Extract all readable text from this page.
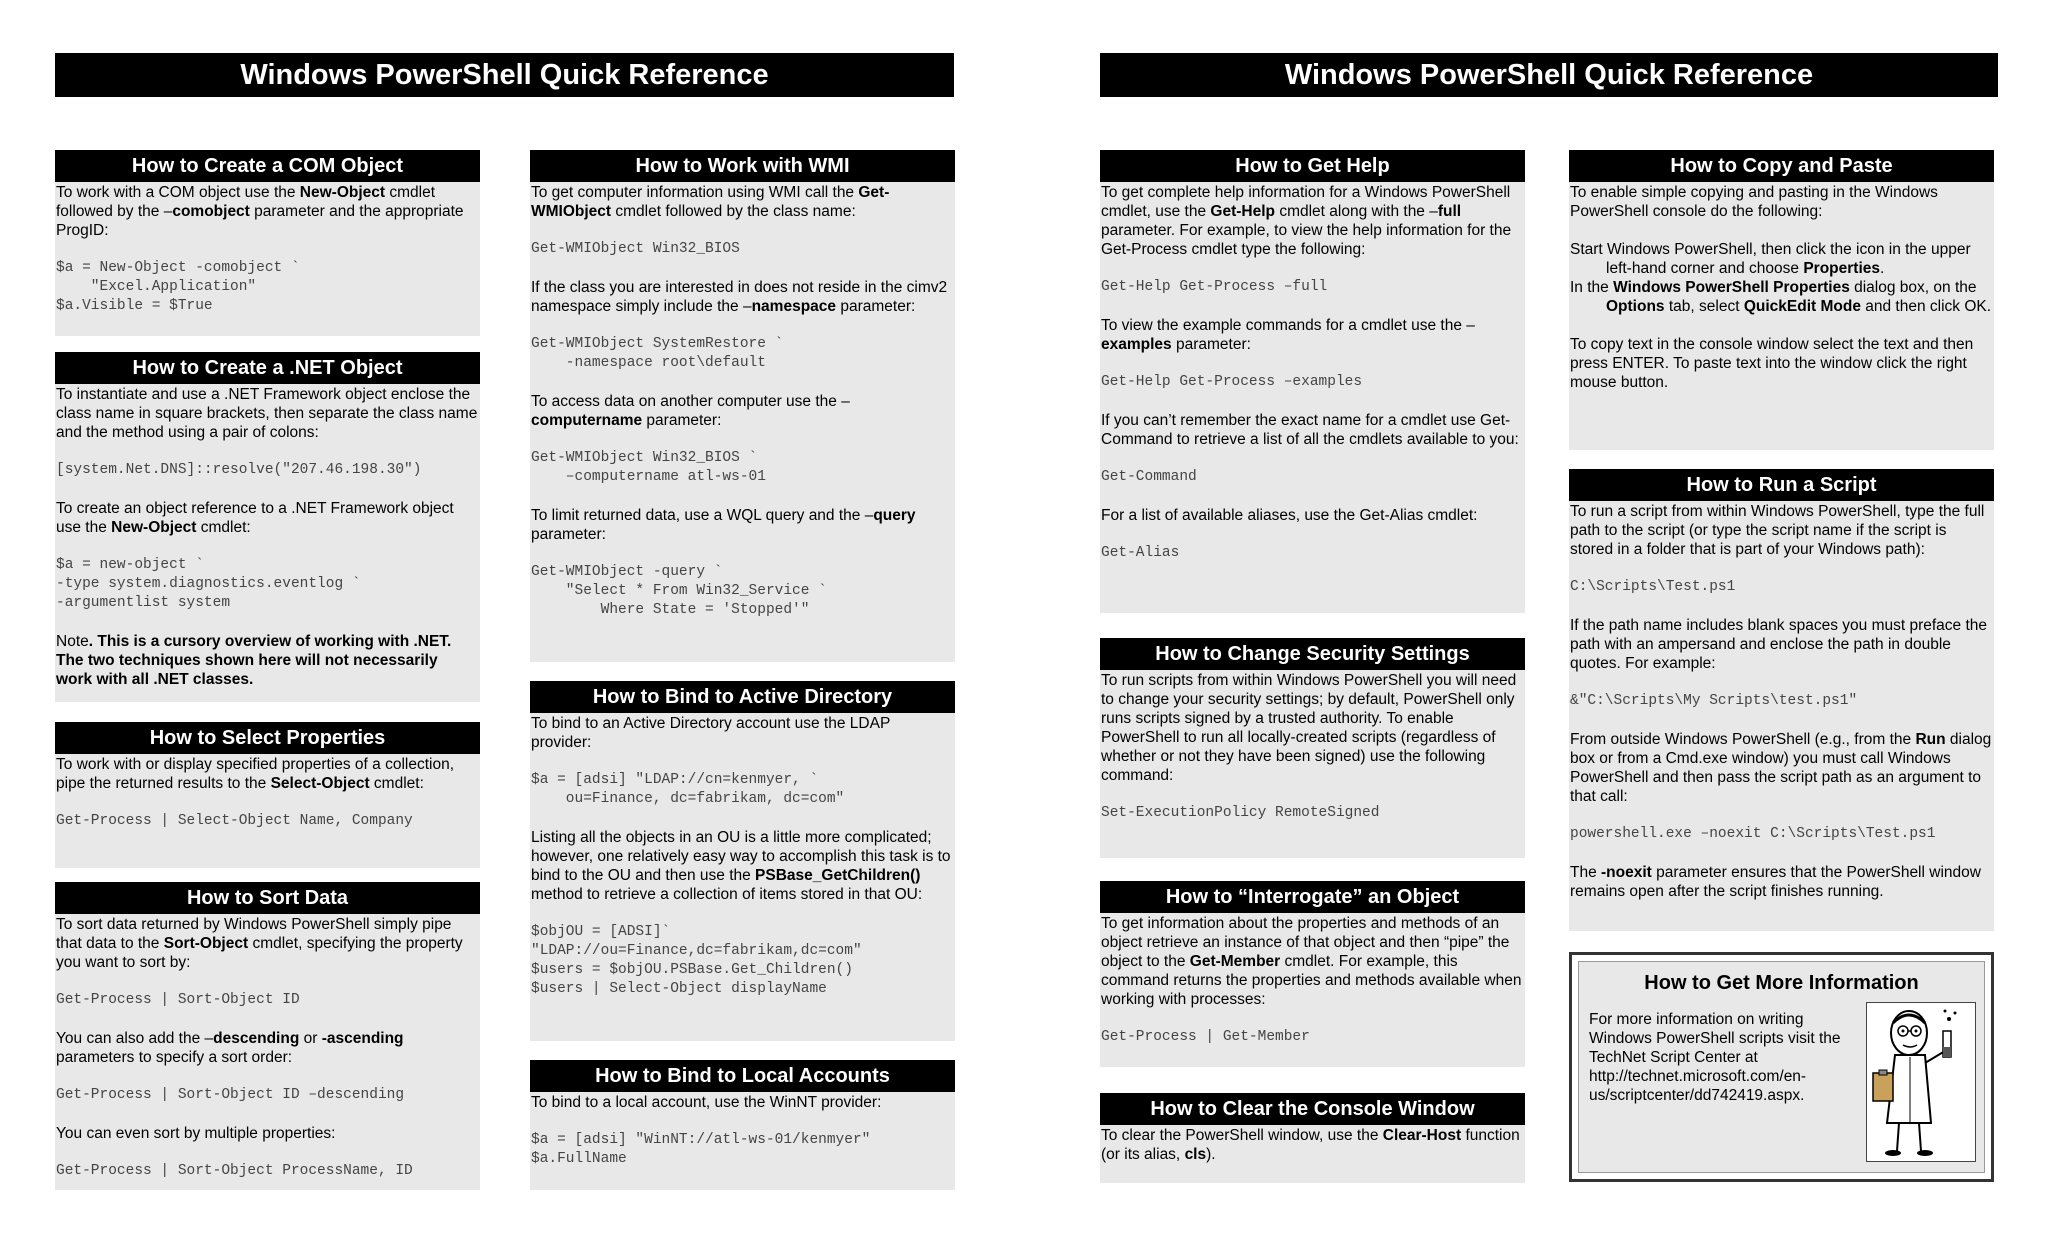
Windows PowerShell Quick Reference	Windows PowerShell Quick Reference
How to Create a COM Object

To work with a COM object use the New-Object cmdlet followed by the –comobject parameter and the appropriate ProgID:

$a = New-Object -comobject `
"Excel.Application"
$a.Visible = $True
How to Create a .NET Object

To instantiate and use a .NET Framework object enclose the class name in square brackets, then separate the class name and the method using a pair of colons:

[system.Net.DNS]::resolve("207.46.198.30")

To create an object reference to a .NET Framework object use the New-Object cmdlet:

$a = new-object `
-type system.diagnostics.eventlog `
-argumentlist system

Note. This is a cursory overview of working with .NET. The two techniques shown here will not necessarily work with all .NET classes.

How to Select Properties

To work with or display specified properties of a collection, pipe the returned results to the Select-Object cmdlet:

Get-Process | Select-Object Name, Company
How to Sort Data

To sort data returned by Windows PowerShell simply pipe that data to the Sort-Object cmdlet, specifying the property you want to sort by:

Get-Process | Sort-Object ID

You can also add the –descending or -ascending parameters to specify a sort order:

Get-Process | Sort-Object ID –descending

You can even sort by multiple properties:

Get-Process | Sort-Object ProcessName, ID
How to Work with WMI

To get computer information using WMI call the Get-WMIObject cmdlet followed by the class name:

Get-WMIObject Win32_BIOS

If the class you are interested in does not reside in the cimv2 namespace simply include the –namespace parameter:

Get-WMIObject SystemRestore `
-namespace root\default

To access data on another computer use the –computername parameter:

Get-WMIObject Win32_BIOS `
–computername atl-ws-01

To limit returned data, use a WQL query and the –query parameter:

Get-WMIObject -query `
"Select * From Win32_Service `
Where State = 'Stopped'"
How to Bind to Active Directory

To bind to an Active Directory account use the LDAP provider:

$a = [adsi] "LDAP://cn=kenmyer, `
ou=Finance, dc=fabrikam, dc=com"

Listing all the objects in an OU is a little more complicated; however, one relatively easy way to accomplish this task is to bind to the OU and then use the PSBase_GetChildren() method to retrieve a collection of items stored in that OU:

$objOU = [ADSI]`
"LDAP://ou=Finance,dc=fabrikam,dc=com"
$users = $objOU.PSBase.Get_Children()
$users | Select-Object displayName
How to Bind to Local Accounts

To bind to a local account, use the WinNT provider:

$a = [adsi] "WinNT://atl-ws-01/kenmyer"
$a.FullName
How to Get Help

To get complete help information for a Windows PowerShell cmdlet, use the Get-Help cmdlet along with the –full parameter. For example, to view the help information for the Get-Process cmdlet type the following:

Get-Help Get-Process –full

To view the example commands for a cmdlet use the –examples parameter:

Get-Help Get-Process –examples

If you can’t remember the exact name for a cmdlet use Get-Command to retrieve a list of all the cmdlets available to you:

Get-Command

For a list of available aliases, use the Get-Alias cmdlet:

Get-Alias
How to Change Security Settings

To run scripts from within Windows PowerShell you will need to change your security settings; by default, PowerShell only runs scripts signed by a trusted authority. To enable PowerShell to run all locally-created scripts (regardless of whether or not they have been signed) use the following command:

Set-ExecutionPolicy RemoteSigned
How to “Interrogate” an Object

To get information about the properties and methods of an object retrieve an instance of that object and then “pipe” the object to the Get-Member cmdlet. For example, this command returns the properties and methods available when working with processes:

Get-Process | Get-Member
How to Clear the Console Window

To clear the PowerShell window, use the Clear-Host function (or its alias, cls).

How to Copy and Paste

To enable simple copying and pasting in the Windows PowerShell console do the following:

Start Windows PowerShell, then click the icon in the upper left-hand corner and choose Properties.

In the Windows PowerShell Properties dialog box, on the Options tab, select QuickEdit Mode and then click OK.

To copy text in the console window select the text and then press ENTER. To paste text into the window click the right mouse button.

How to Run a Script

To run a script from within Windows PowerShell, type the full path to the script (or type the script name if the script is stored in a folder that is part of your Windows path):

C:\Scripts\Test.ps1

If the path name includes blank spaces you must preface the path with an ampersand and enclose the path in double quotes. For example:

&"C:\Scripts\My Scripts\test.ps1"

From outside Windows PowerShell (e.g., from the Run dialog box or from a Cmd.exe window) you must call Windows PowerShell and then pass the script path as an argument to that call:

powershell.exe –noexit C:\Scripts\Test.ps1

The -noexit parameter ensures that the PowerShell window remains open after the script finishes running.

How to Get More Information
For more information on writing Windows PowerShell scripts visit the TechNet Script Center at http://technet.microsoft.com/en-us/scriptcenter/dd742419.aspx.
